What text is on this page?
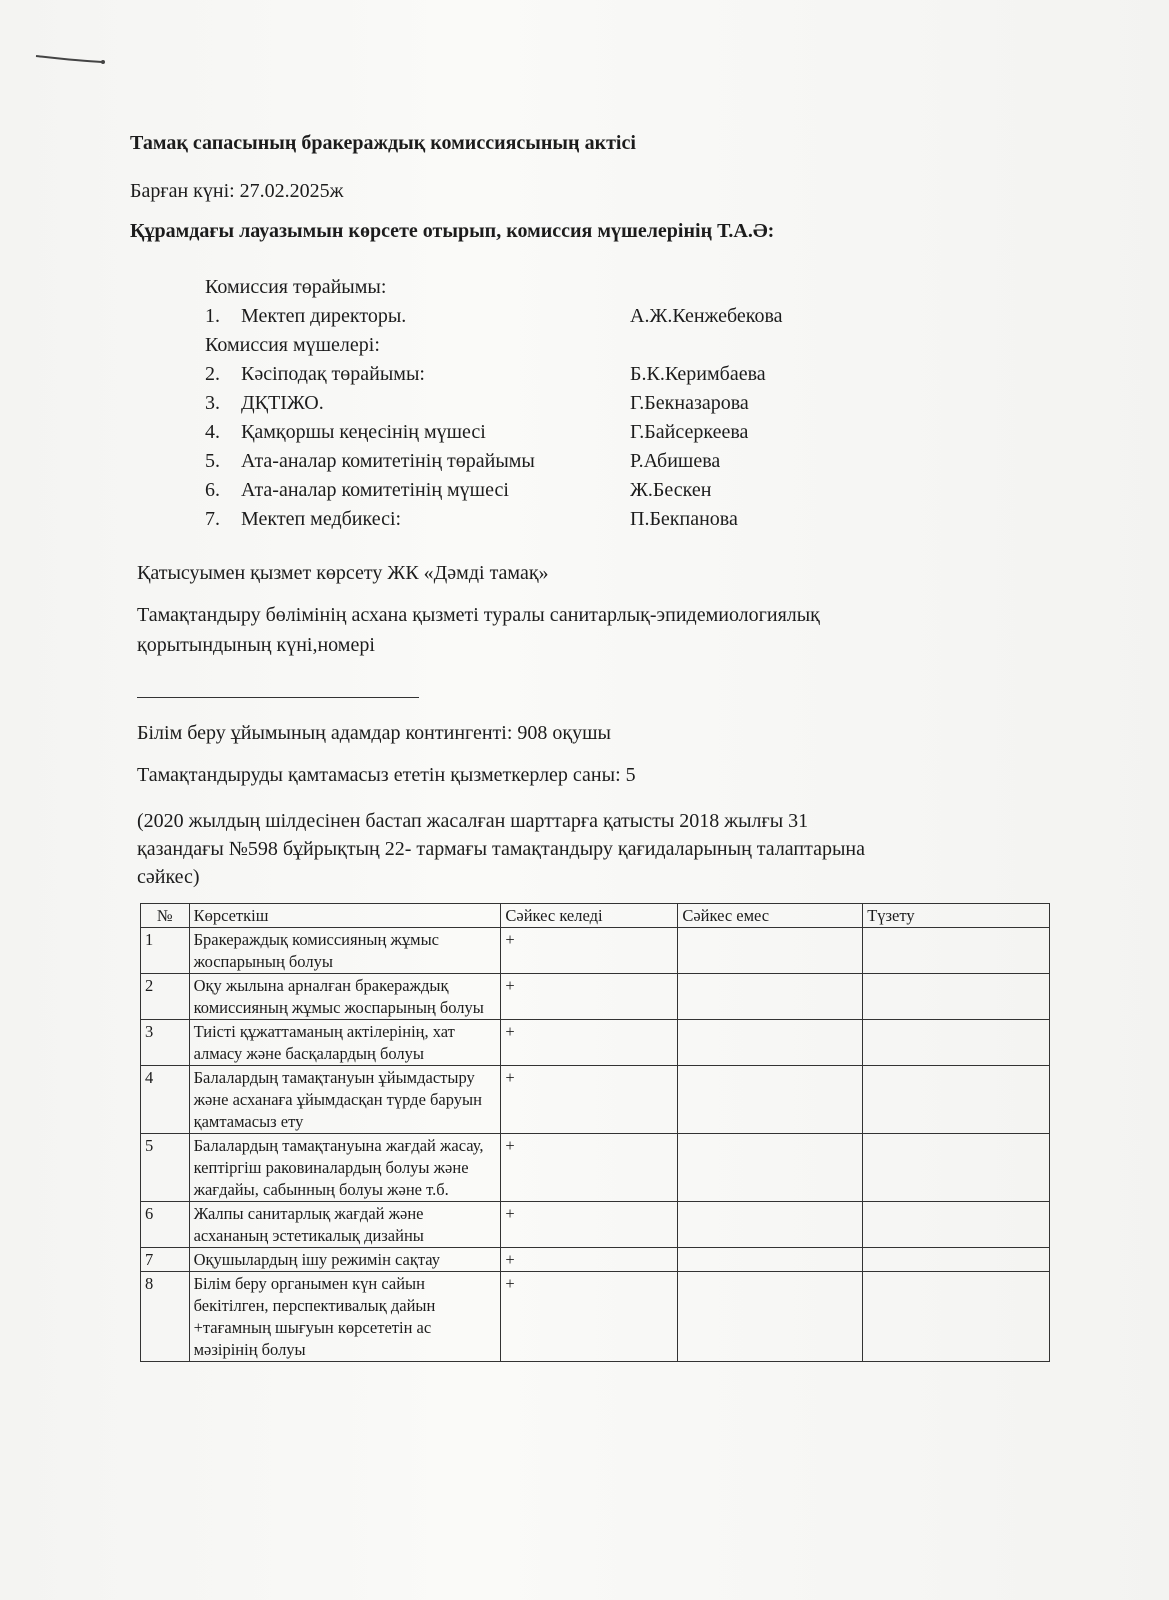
Тамақ сапасының бракераждық комиссиясының актісі
Барған күні: 27.02.2025ж
Құрамдағы лауазымын көрсете отырып, комиссия мүшелерінің Т.А.Ә:
Комиссия төрайымы:
1.	Мектеп директоры.	А.Ж.Кенжебекова
Комиссия мүшелері:
2.	Кәсіподақ төрайымы:	Б.К.Керимбаева
3.	ДҚТІЖО.	Г.Бекназарова
4.	Қамқоршы кеңесінің мүшесі	Г.Байсеркеева
5.	Ата-аналар комитетінің төрайымы	Р.Абишева
6.	Ата-аналар комитетінің мүшесі	Ж.Бескен
7.	Мектеп медбикесі:	П.Бекпанова
Қатысуымен қызмет көрсету ЖК «Дәмді тамақ»
Тамақтандыру бөлімінің асхана қызметі туралы санитарлық-эпидемиологиялық
қорытындының күні,номері
Білім беру ұйымының адамдар контингенті: 908 оқушы
Тамақтандыруды қамтамасыз ететін қызметкерлер саны: 5
(2020 жылдың шілдесінен бастап жасалған шарттарға қатысты 2018 жылғы 31
қазандағы №598 бұйрықтың 22- тармағы тамақтандыру қағидаларының талаптарына
сәйкес)
№	Көрсеткіш	Сәйкес келеді	Сәйкес емес	Түзету
1	Бракераждық комиссияның жұмыс жоспарының болуы	+		
2	Оқу жылына арналған бракераждық комиссияның жұмыс жоспарының болуы	+		
3	Тиісті құжаттаманың актілерінің, хат алмасу және басқалардың болуы	+		
4	Балалардың тамақтануын ұйымдастыру және асханаға ұйымдасқан түрде баруын қамтамасыз ету	+		
5	Балалардың тамақтануына жағдай жасау, кептіргіш раковиналардың болуы және жағдайы, сабынның болуы және т.б.	+		
6	Жалпы санитарлық жағдай және асхананың эстетикалық дизайны	+		
7	Оқушылардың ішу режимін сақтау	+		
8	Білім беру органымен күн сайын бекітілген, перспективалық дайын +тағамның шығуын көрсететін ас мәзірінің болуы	+		
